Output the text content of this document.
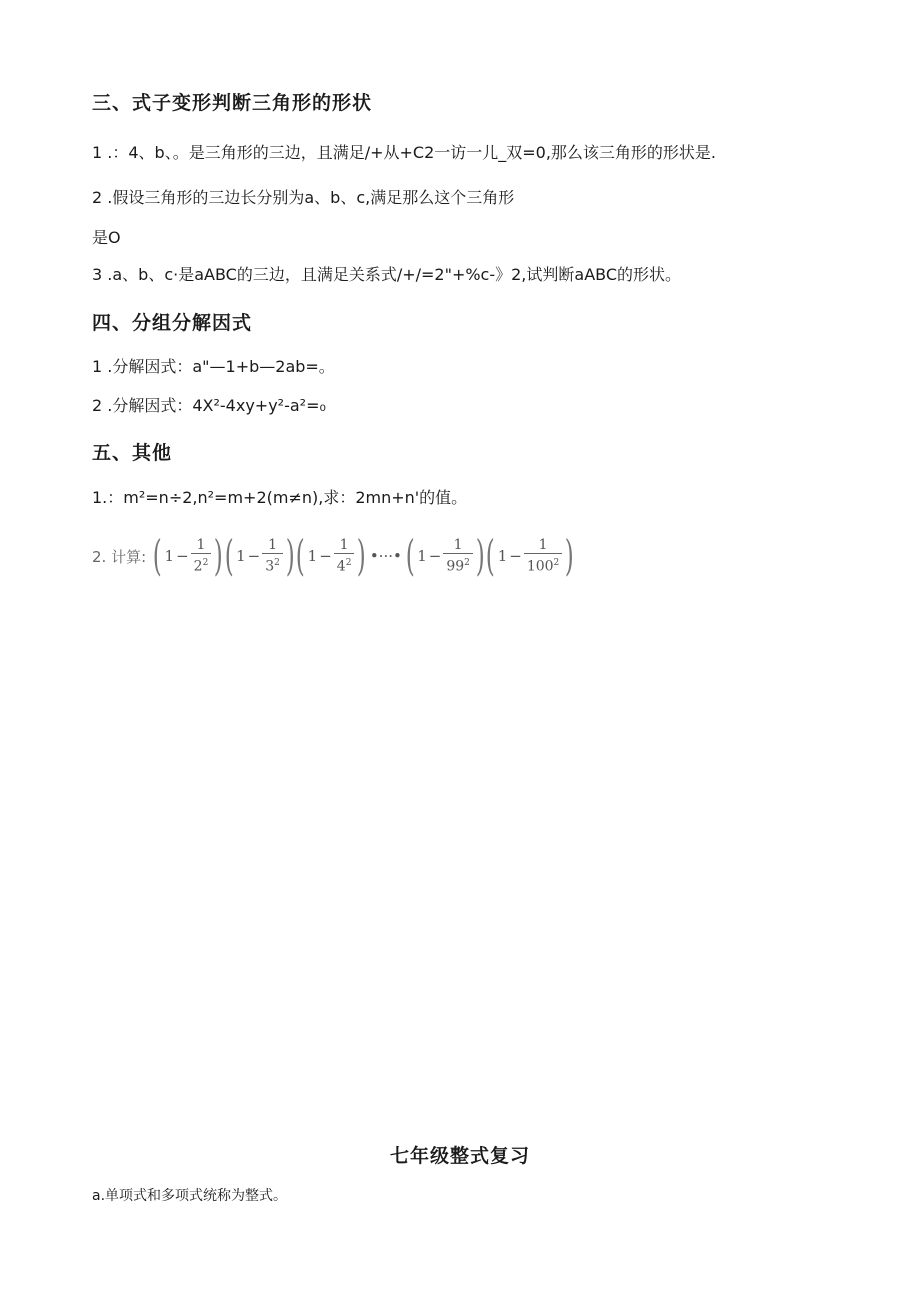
三、式子变形判断三角形的形状
1 .：4、b、。是三角形的三边，且满足/+从+C2一访一儿_双=0,那么该三角形的形状是.
2 .假设三角形的三边长分别为a、b、c,满足那么这个三角形
是O
3 .a、b、c·是aABC的三边，且满足关系式/+/=2"+%c-》2,试判断aABC的形状。
四、分组分解因式
1 .分解因式：a"—1+b—2ab=。
2 .分解因式：4X²-4xy+y²-a²=₀
五、其他
1.：m²=n÷2,n²=m+2(m≠n),求：2mn+n'的值。
2. 计算: ( $1 - \frac{1}{2^2}$ ) ( $1 - \frac{1}{3^2}$ ) ( $1 - \frac{1}{4^2}$ ) •···• ( $1 - \frac{1}{99^2}$ ) ( $1 - \frac{1}{100^2}$ )
七年级整式复习
a.单项式和多项式统称为整式。
